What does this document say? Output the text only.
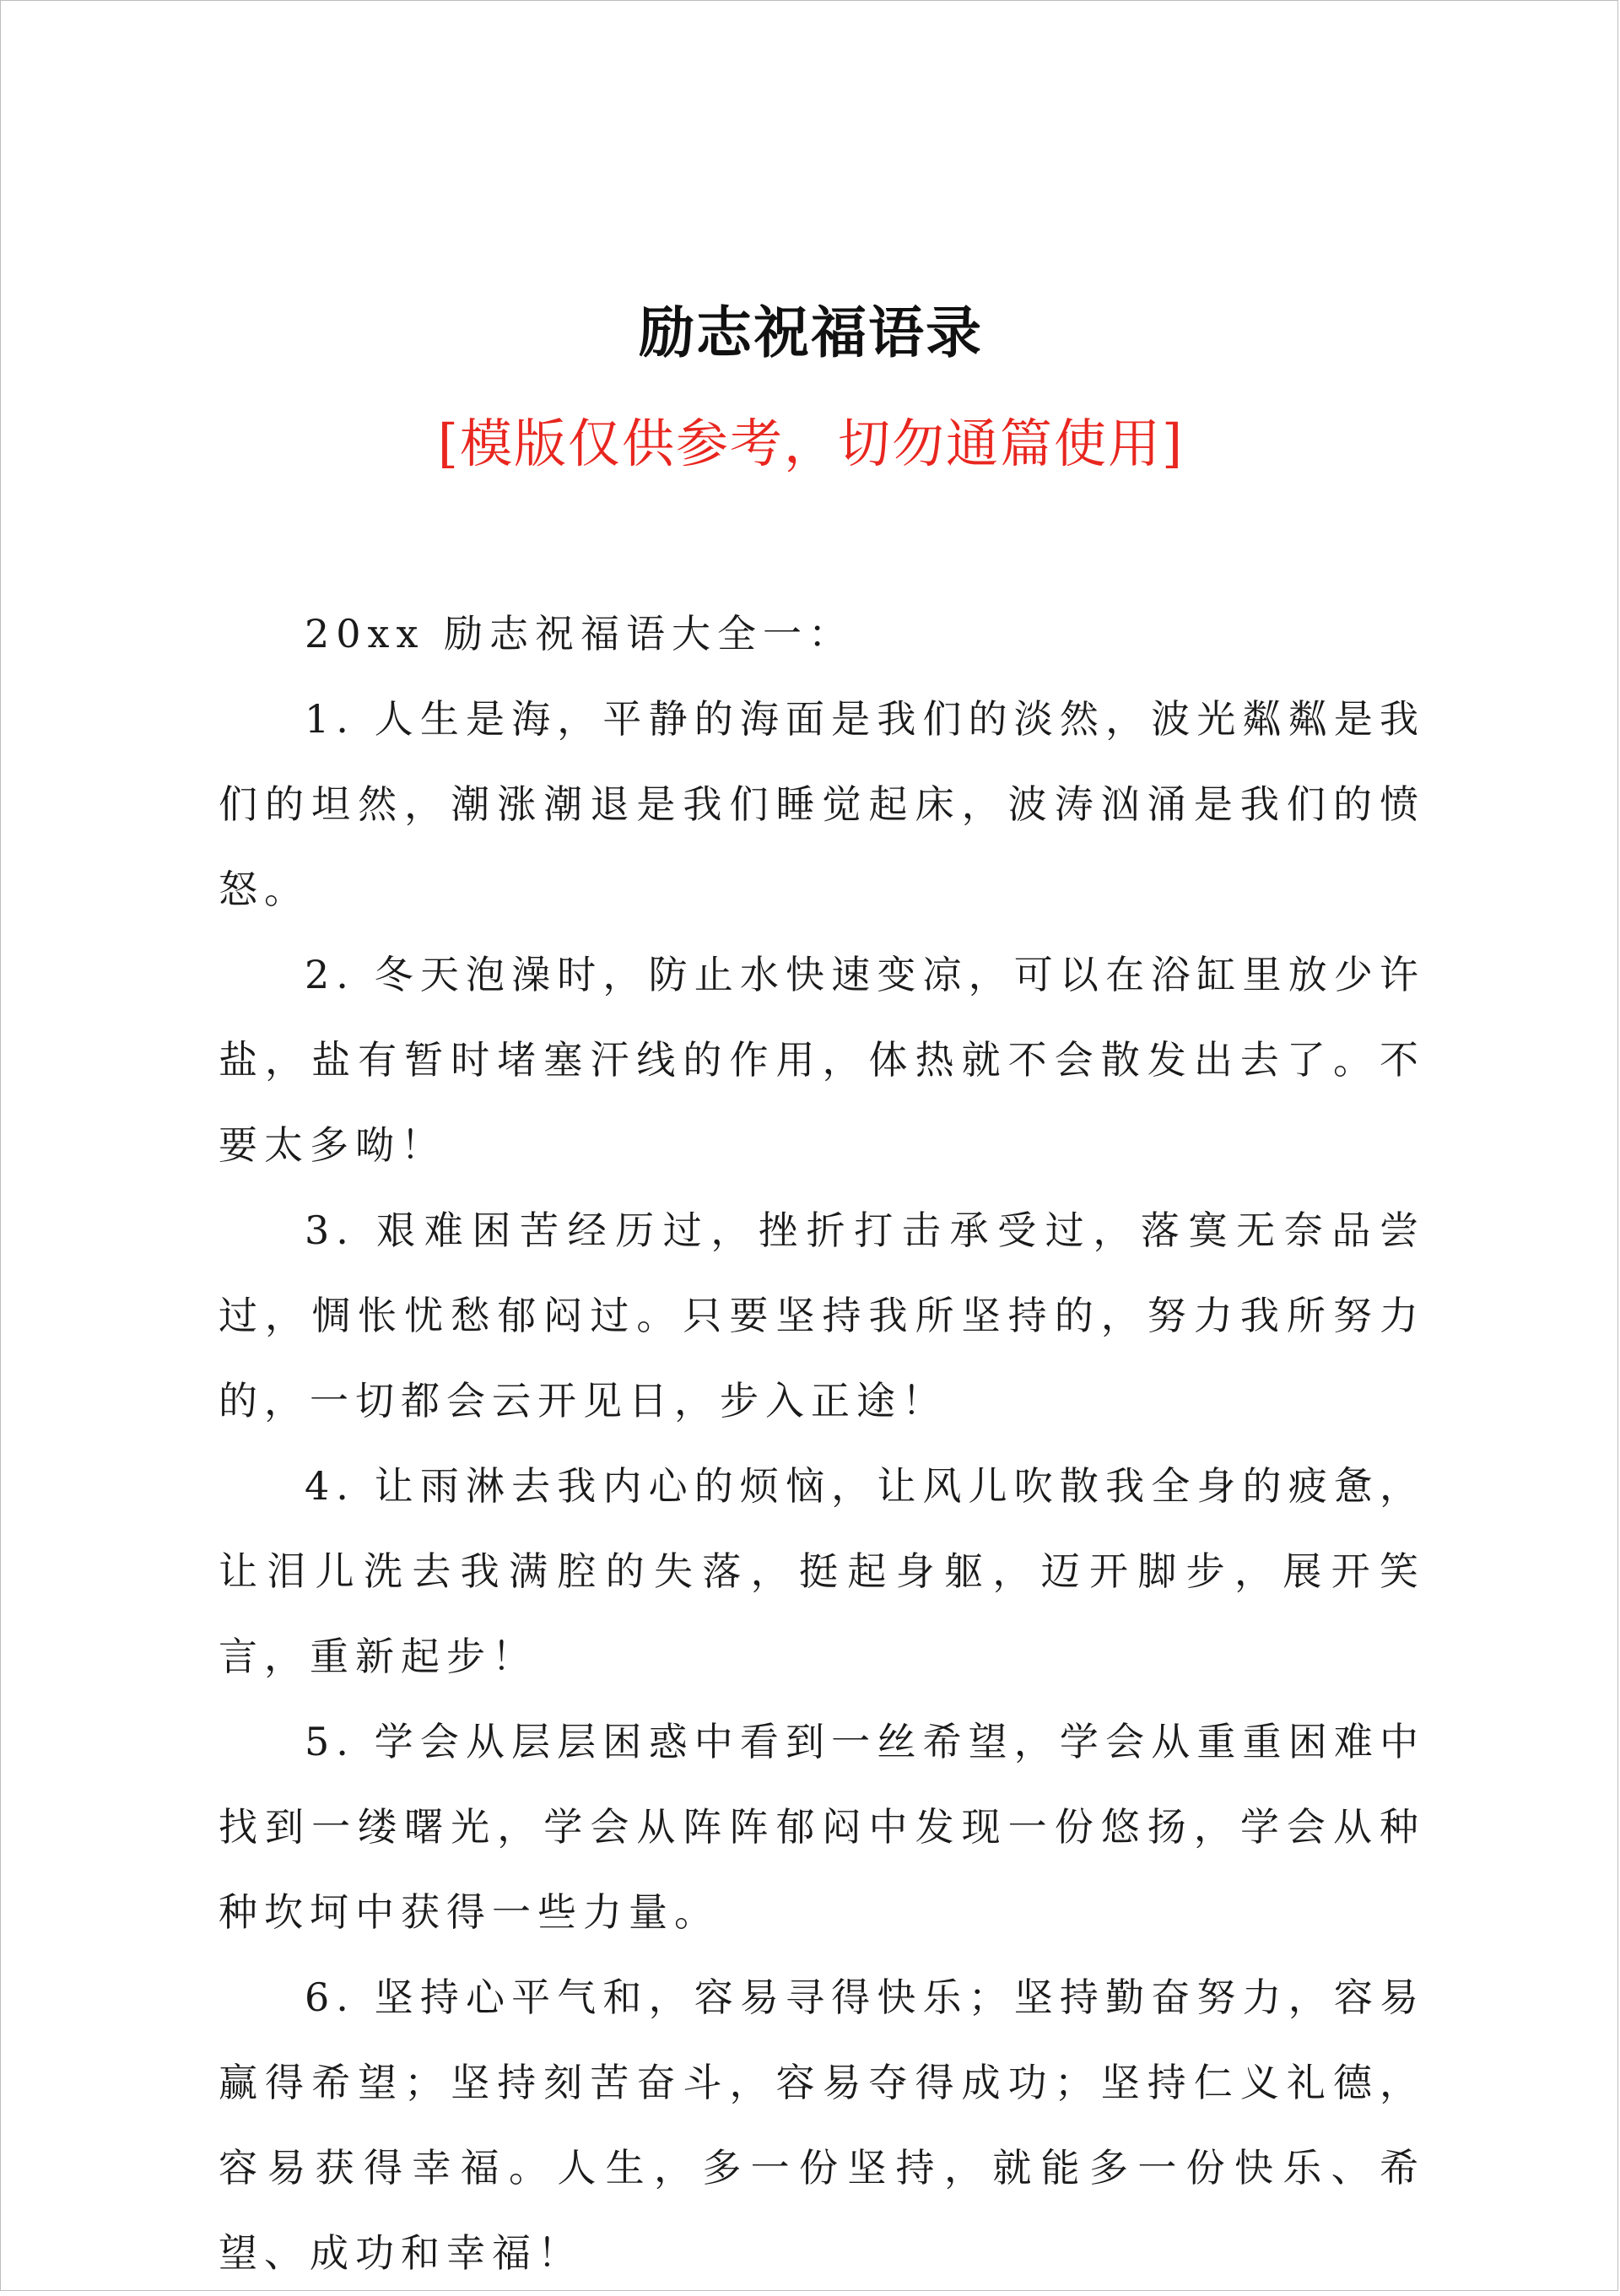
励志祝福语录
[模版仅供参考，切勿通篇使用]

20xx 励志祝福语大全一：

1. 人生是海，平静的海面是我们的淡然，波光粼粼是我们的坦然，潮涨潮退是我们睡觉起床，波涛汹涌是我们的愤怒。

2. 冬天泡澡时，防止水快速变凉，可以在浴缸里放少许盐，盐有暂时堵塞汗线的作用，体热就不会散发出去了。不要太多呦！

3. 艰难困苦经历过，挫折打击承受过，落寞无奈品尝过，惆怅忧愁郁闷过。只要坚持我所坚持的，努力我所努力的，一切都会云开见日，步入正途！

4. 让雨淋去我内心的烦恼，让风儿吹散我全身的疲惫，让泪儿洗去我满腔的失落，挺起身躯，迈开脚步，展开笑言，重新起步！

5. 学会从层层困惑中看到一丝希望，学会从重重困难中找到一缕曙光，学会从阵阵郁闷中发现一份悠扬，学会从种种坎坷中获得一些力量。

6. 坚持心平气和，容易寻得快乐；坚持勤奋努力，容易赢得希望；坚持刻苦奋斗，容易夺得成功；坚持仁义礼德，容易获得幸福。人生，多一份坚持，就能多一份快乐、希望、成功和幸福！
